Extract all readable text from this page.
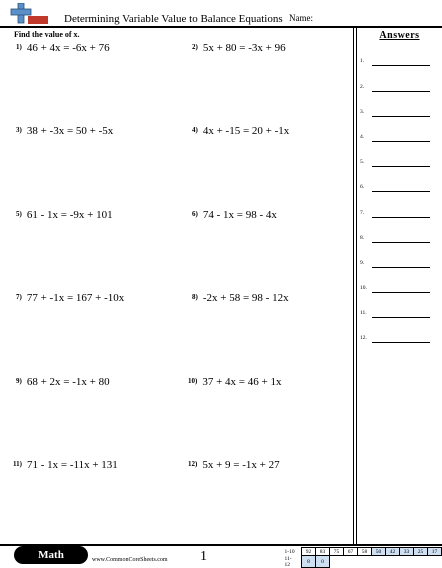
Determining Variable Value to Balance Equations Name:
Find the value of x.
1) 46 + 4x = -6x + 76	2) 5x + 80 = -3x + 96
3) 38 + -3x = 50 + -5x	4) 4x + -15 = 20 + -1x
5) 61 - 1x = -9x + 101	6) 74 - 1x = 98 - 4x
7) 77 + -1x = 167 + -10x	8) -2x + 58 = 98 - 12x
9) 68 + 2x = -1x + 80	10) 37 + 4x = 46 + 1x
11) 71 - 1x = -11x + 131	12) 5x + 9 = -1x + 27
Answers
1.
2.
3.
4.
5.
6.
7.
8.
9.
10.
11.
12.
Math	www.CommonCoreSheets.com 1	1-10	92	83	75	67	58	50	42	33	25	17
11-12	8	0								
